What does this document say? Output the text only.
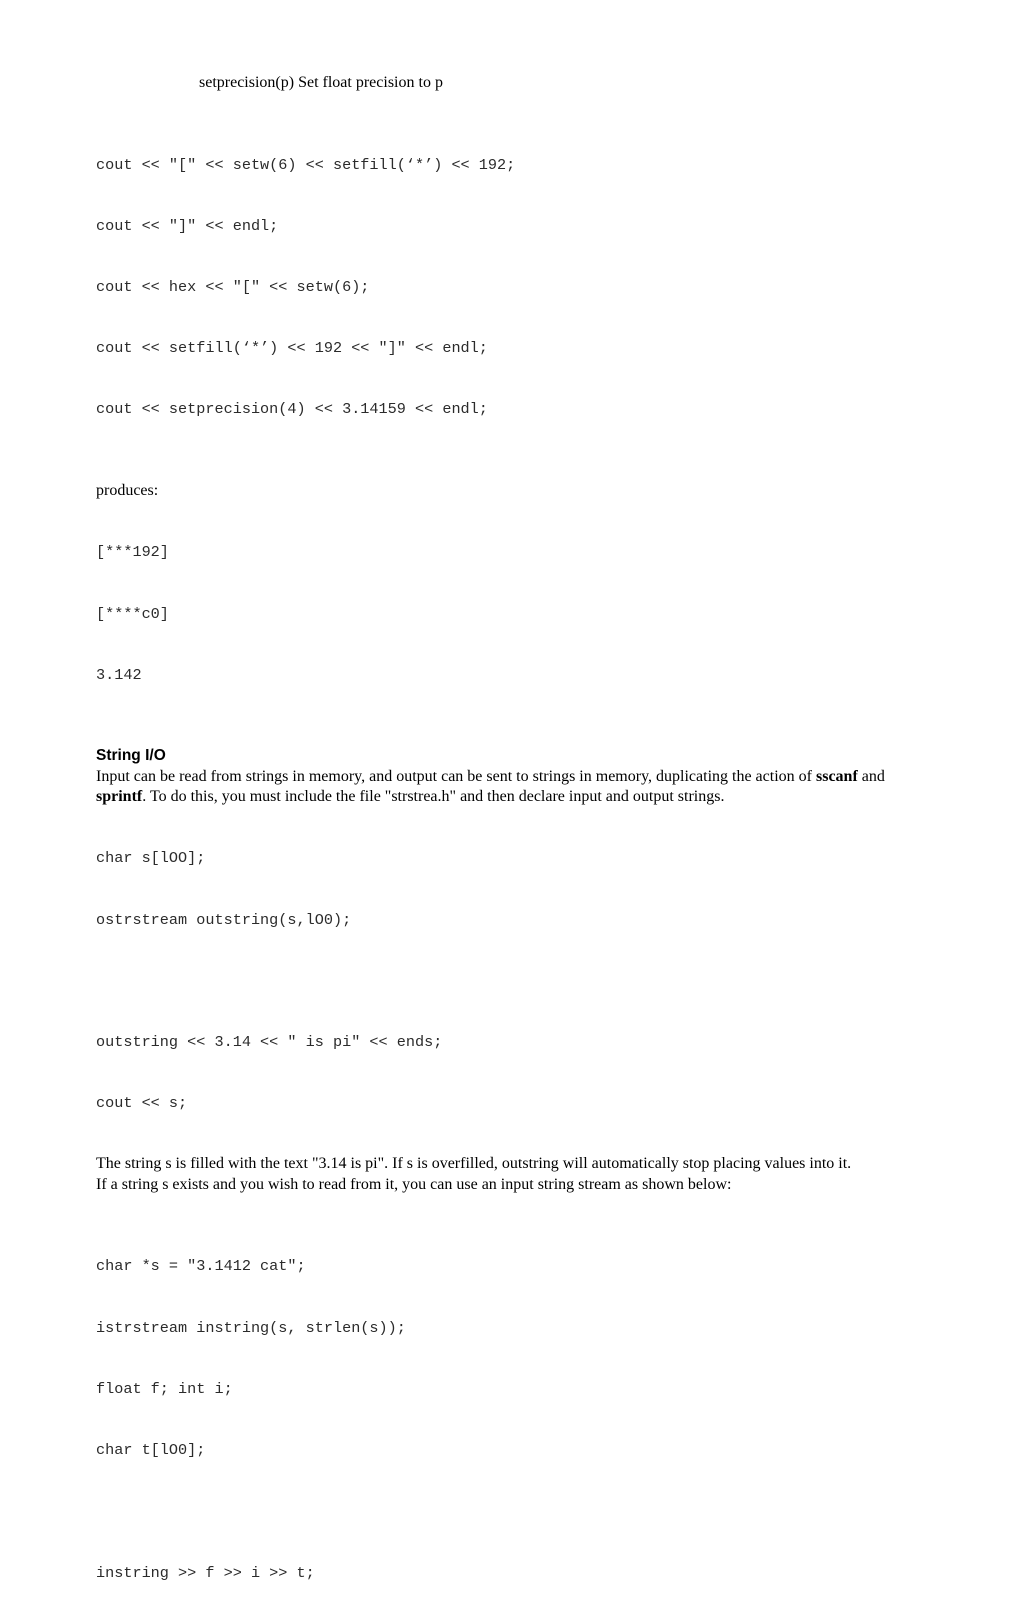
setprecision(p) Set float precision to p

cout << "[" << setw(6) << setfill(‘*’) << 192;

cout << "]" << endl;

cout << hex << "[" << setw(6);

cout << setfill(‘*’) << 192 << "]" << endl;

cout << setprecision(4) << 3.14159 << endl;

produces:

[***192]

[****c0]

3.142

String I/O
Input can be read from strings in memory, and output can be sent to strings in memory, duplicating the action of sscanf and
sprintf. To do this, you must include the file "strstrea.h" and then declare input and output strings.

char s[lOO];

ostrstream outstring(s,lO0);

outstring << 3.14 << " is pi" << ends;

cout << s;

The string s is filled with the text "3.14 is pi". If s is overfilled, outstring will automatically stop placing values into it.
If a string s exists and you wish to read from it, you can use an input string stream as shown below:

char *s = "3.1412 cat";

istrstream instring(s, strlen(s));

float f; int i;

char t[lO0];

instring >> f >> i >> t;
